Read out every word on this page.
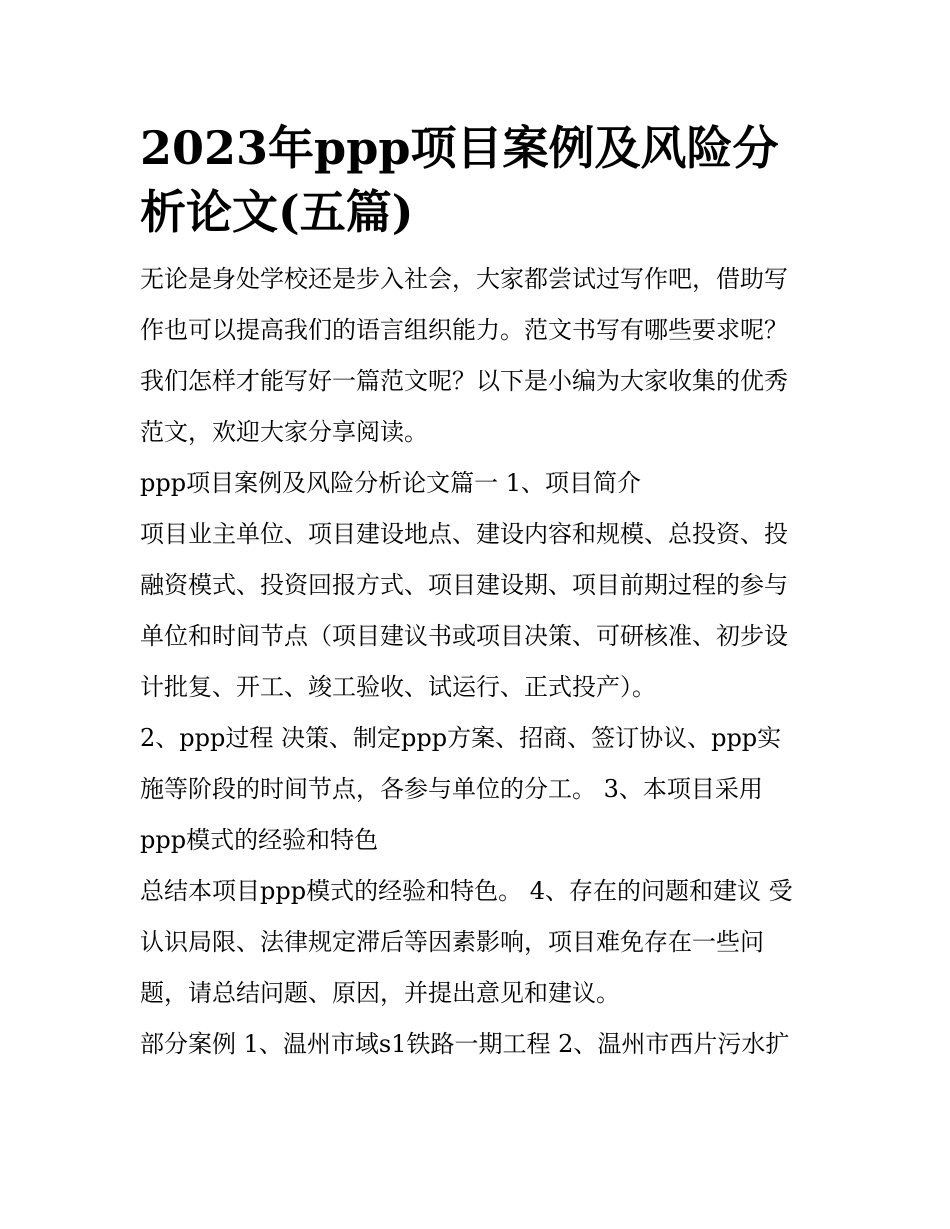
2023年ppp项目案例及风险分
析论文(五篇)

无论是身处学校还是步入社会，大家都尝试过写作吧，借助写
作也可以提高我们的语言组织能力。范文书写有哪些要求呢？
我们怎样才能写好一篇范文呢？以下是小编为大家收集的优秀
范文，欢迎大家分享阅读。

ppp项目案例及风险分析论文篇一 1、项目简介

项目业主单位、项目建设地点、建设内容和规模、总投资、投
融资模式、投资回报方式、项目建设期、项目前期过程的参与
单位和时间节点（项目建议书或项目决策、可研核准、初步设
计批复、开工、竣工验收、试运行、正式投产）。

2、ppp过程 决策、制定ppp方案、招商、签订协议、ppp实
施等阶段的时间节点，各参与单位的分工。 3、本项目采用
ppp模式的经验和特色

总结本项目ppp模式的经验和特色。 4、存在的问题和建议 受
认识局限、法律规定滞后等因素影响，项目难免存在一些问
题，请总结问题、原因，并提出意见和建议。

部分案例 1、温州市域s1铁路一期工程 2、温州市西片污水扩
